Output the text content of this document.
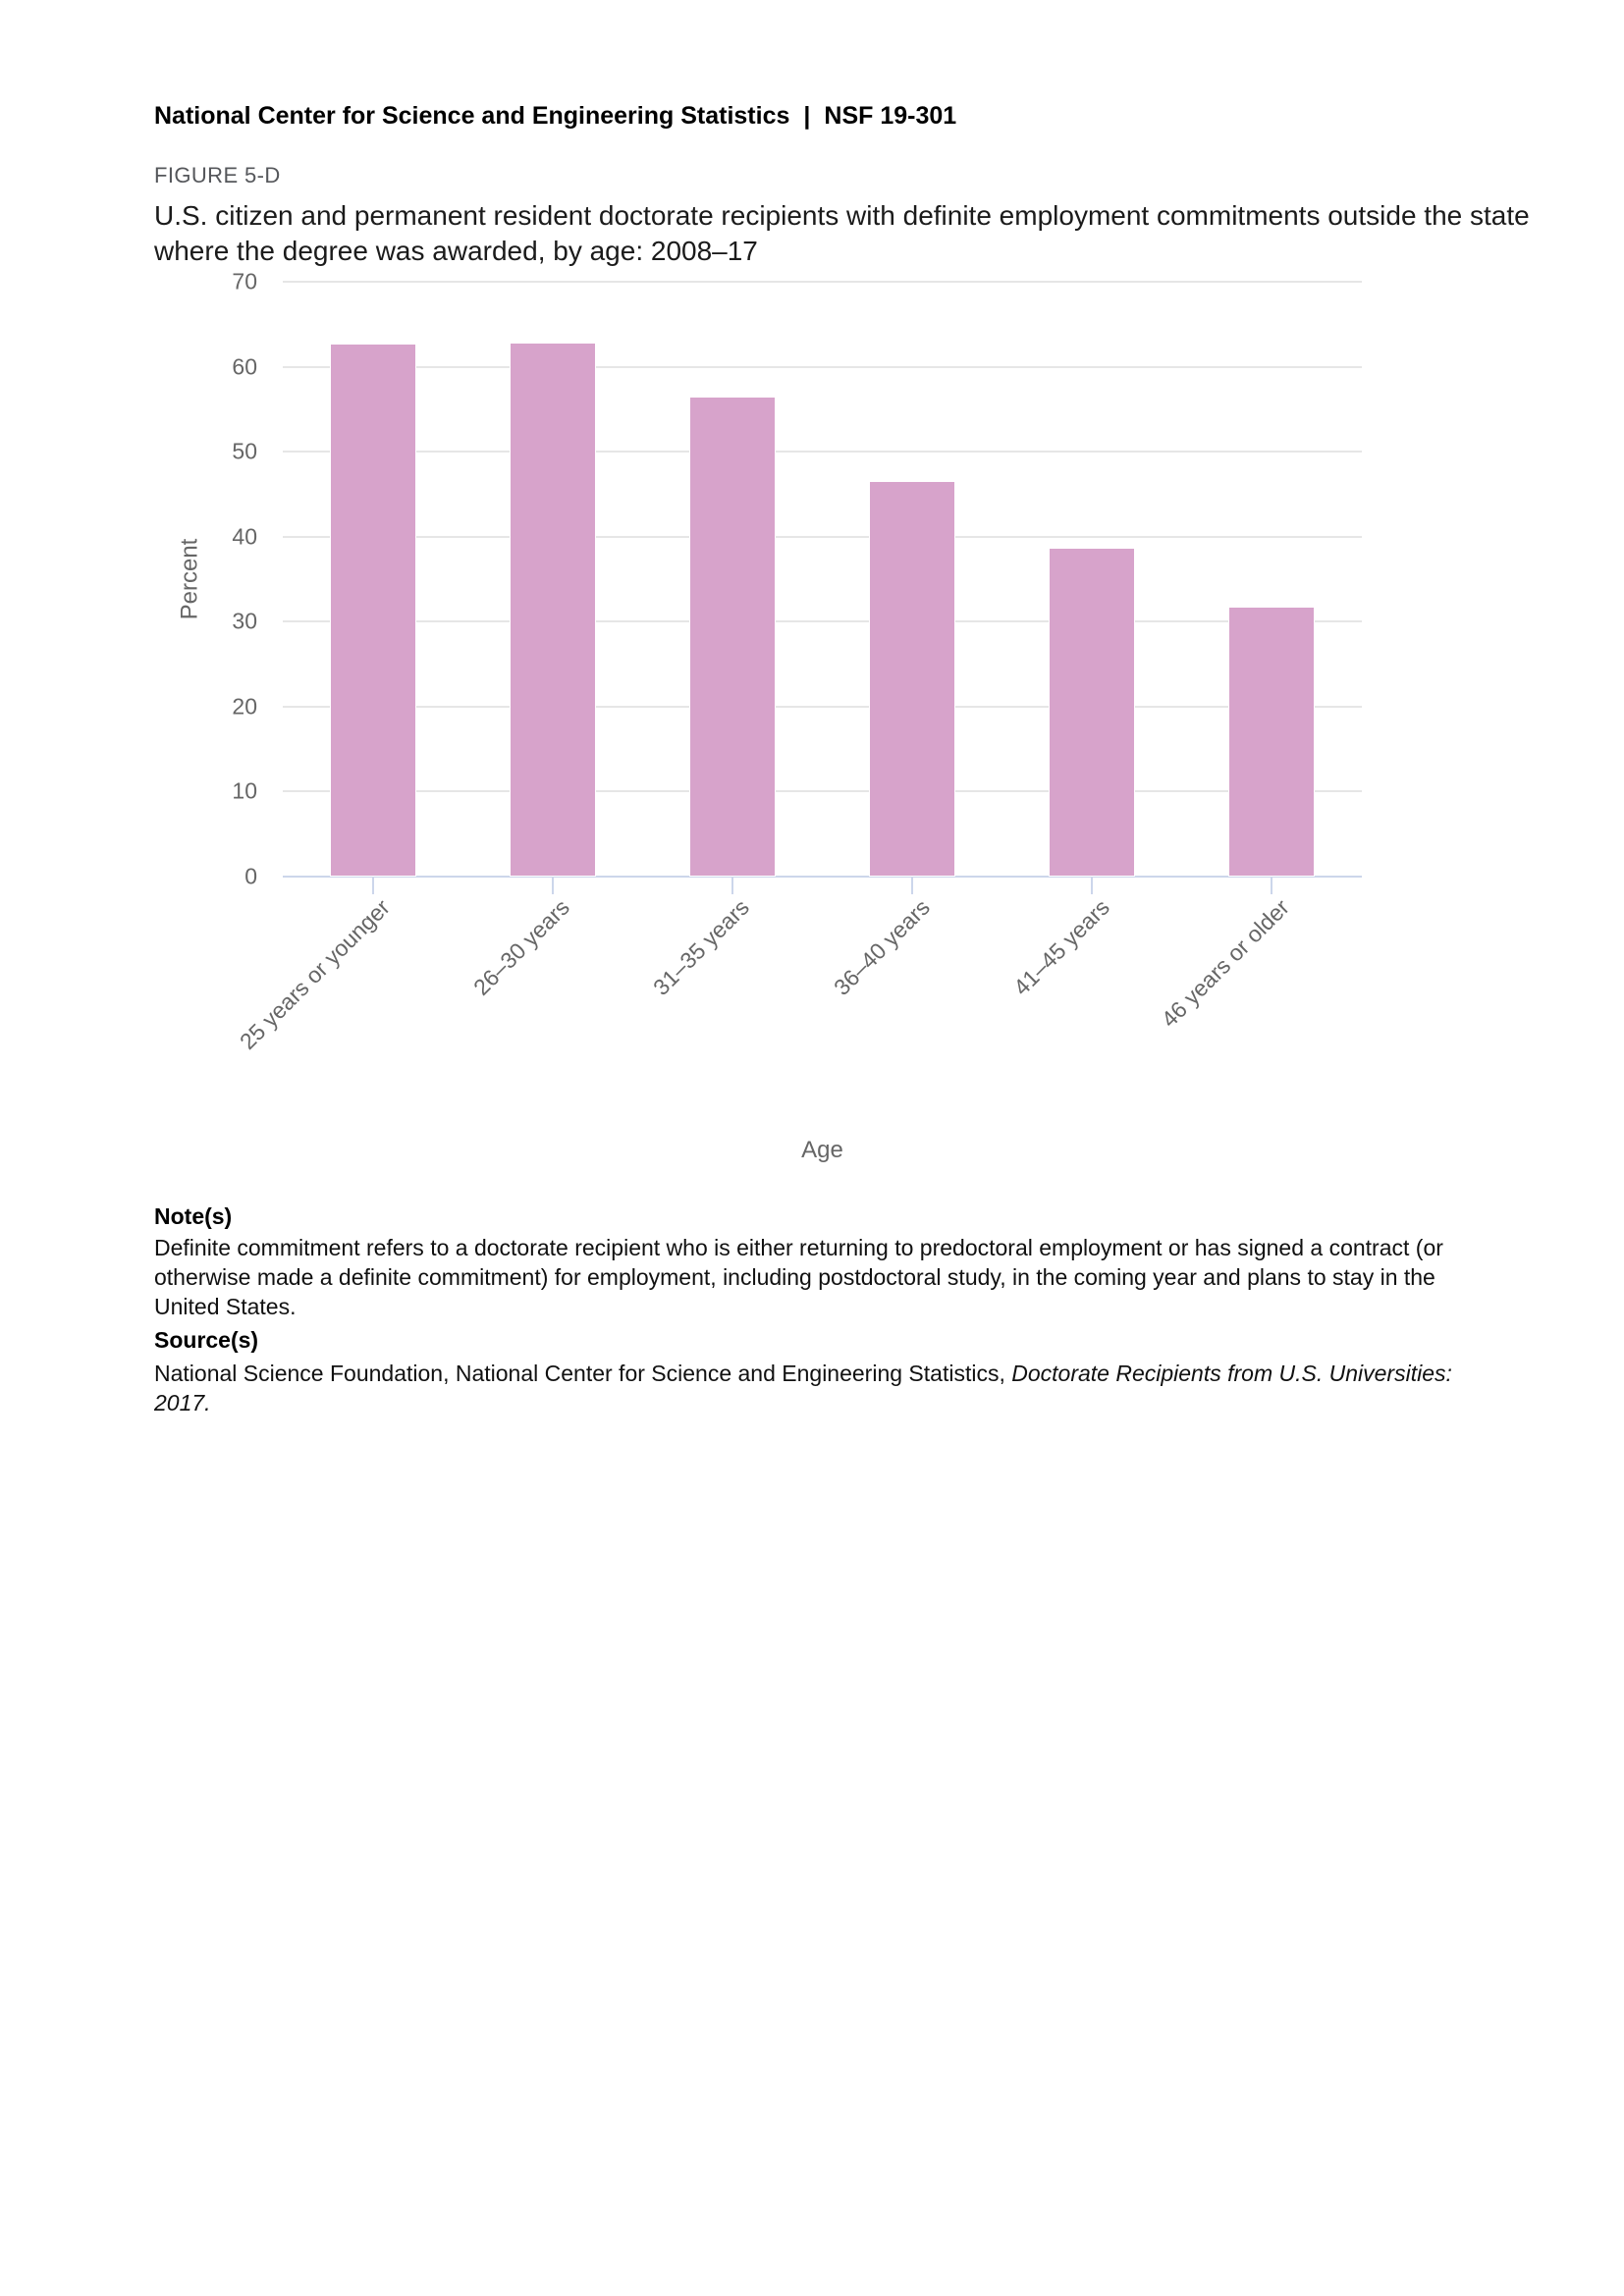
National Center for Science and Engineering Statistics | NSF 19-301
FIGURE 5-D
U.S. citizen and permanent resident doctorate recipients with definite employment commitments outside the state where the degree was awarded, by age: 2008–17
Percent
0
10
20
30
40
50
60
70
25 years or younger	26–30 years	31–35 years	36–40 years	41–45 years 46 years or older
Age
Note(s)
Definite commitment refers to a doctorate recipient who is either returning to predoctoral employment or has signed a contract (or otherwise made a definite commitment) for employment, including postdoctoral study, in the coming year and plans to stay in the United States.
Source(s)
National Science Foundation, National Center for Science and Engineering Statistics, Doctorate Recipients from U.S. Universities: 2017.
